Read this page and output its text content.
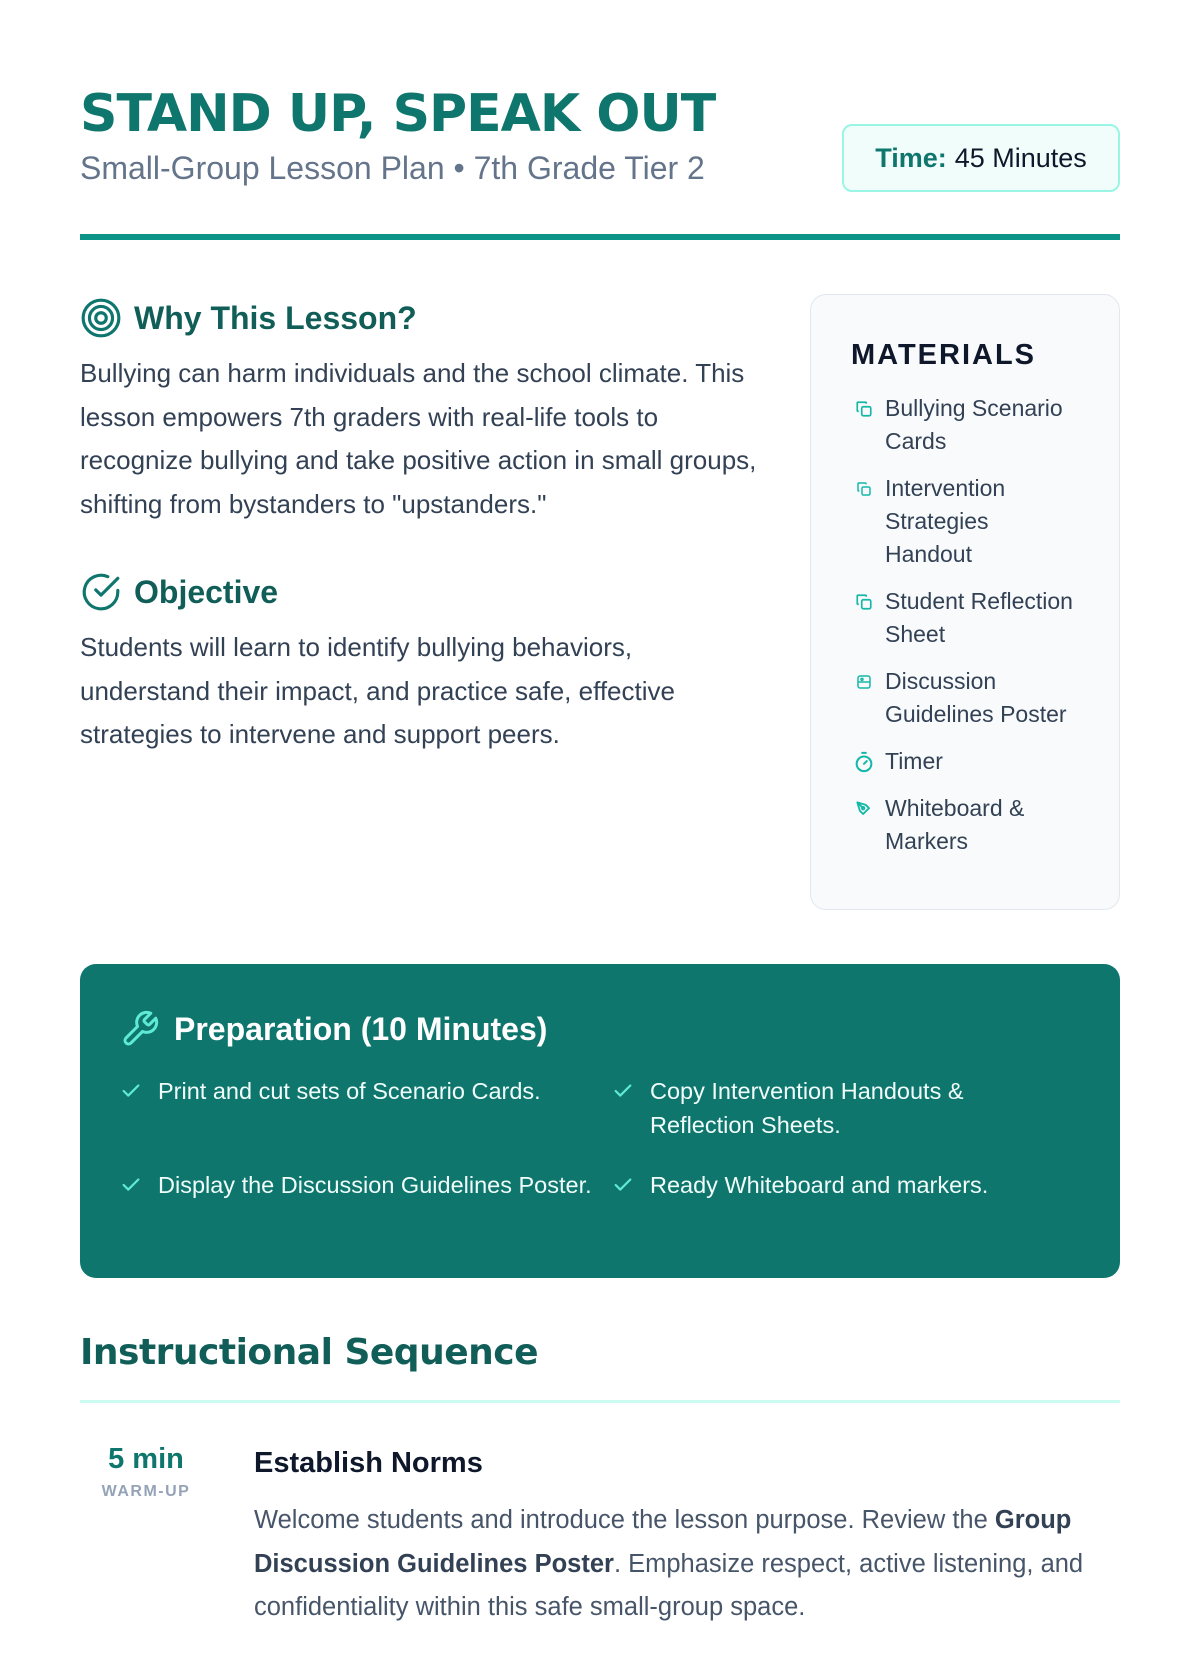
STAND UP, SPEAK OUT
Small-Group Lesson Plan • 7th Grade Tier 2	Time: 45 Minutes
Why This Lesson?

Bullying can harm individuals and the school climate. This lesson empowers 7th graders with real-life tools to recognize bullying and take positive action in small groups, shifting from bystanders to "upstanders."

Objective

Students will learn to identify bullying behaviors, understand their impact, and practice safe, effective strategies to intervene and support peers.

MATERIALS
Bullying Scenario Cards
Intervention Strategies Handout
Student Reflection Sheet
Discussion Guidelines Poster
Timer
Whiteboard & Markers
Preparation (10 Minutes)
Print and cut sets of Scenario Cards.	Copy Intervention Handouts & Reflection Sheets.
Display the Discussion Guidelines Poster. Ready Whiteboard and markers.
Instructional Sequence
5 min
WARM-UP
Establish Norms

Welcome students and introduce the lesson purpose. Review the Group Discussion Guidelines Poster. Emphasize respect, active listening, and confidentiality within this safe small-group space.
